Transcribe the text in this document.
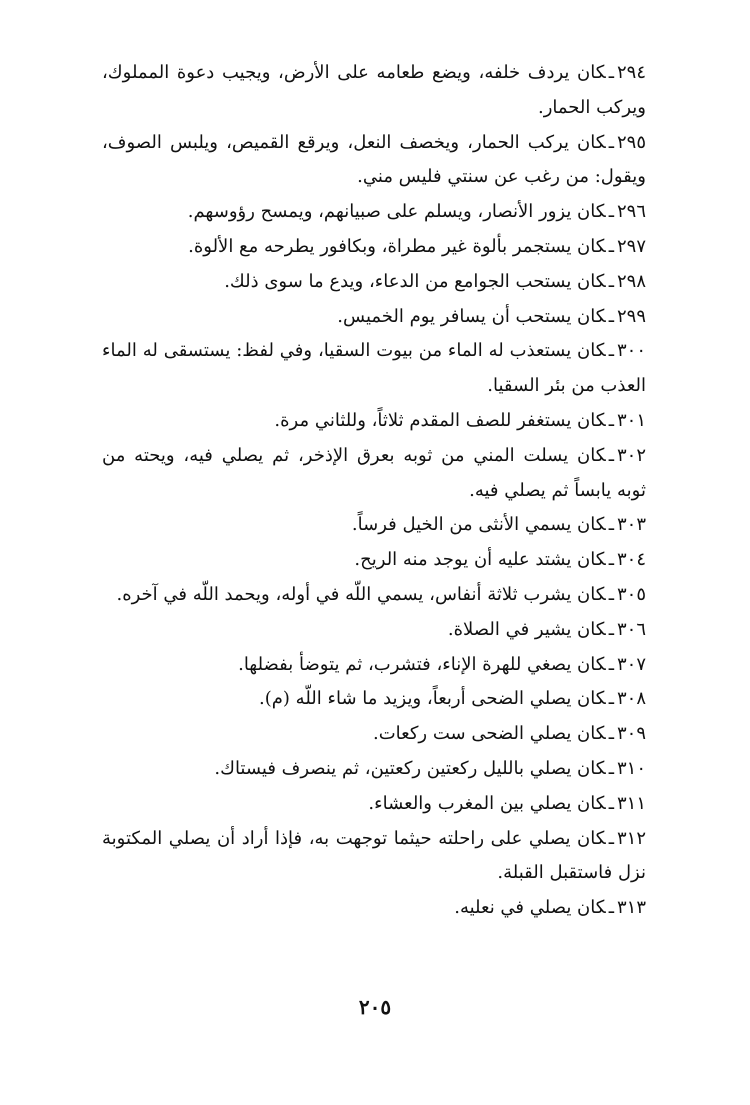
٢٩٤ـكان يردف خلفه، ويضع طعامه على الأرض، ويجيب دعوة المملوك، ويركب الحمار.

٢٩٥ـكان يركب الحمار، ويخصف النعل، ويرقع القميص، ويلبس الصوف، ويقول: من رغب عن سنتي فليس مني.

٢٩٦ـكان يزور الأنصار، ويسلم على صبيانهم، ويمسح رؤوسهم.

٢٩٧ـكان يستجمر بألوة غير مطراة، وبكافور يطرحه مع الألوة.

٢٩٨ـكان يستحب الجوامع من الدعاء، ويدع ما سوى ذلك.

٢٩٩ـكان يستحب أن يسافر يوم الخميس.

٣٠٠ـكان يستعذب له الماء من بيوت السقيا، وفي لفظ: يستسقى له الماء العذب من بئر السقيا.

٣٠١ـكان يستغفر للصف المقدم ثلاثاً، وللثاني مرة.

٣٠٢ـكان يسلت المني من ثوبه بعرق الإذخر، ثم يصلي فيه، ويحته من ثوبه يابساً ثم يصلي فيه.

٣٠٣ـكان يسمي الأنثى من الخيل فرساً.

٣٠٤ـكان يشتد عليه أن يوجد منه الريح.

٣٠٥ـكان يشرب ثلاثة أنفاس، يسمي اللّه في أوله، ويحمد اللّه في آخره.

٣٠٦ـكان يشير في الصلاة.

٣٠٧ـكان يصغي للهرة الإناء، فتشرب، ثم يتوضأ بفضلها.

٣٠٨ـكان يصلي الضحى أربعاً، ويزيد ما شاء اللّه (م).

٣٠٩ـكان يصلي الضحى ست ركعات.

٣١٠ـكان يصلي بالليل ركعتين ركعتين، ثم ينصرف فيستاك.

٣١١ـكان يصلي بين المغرب والعشاء.

٣١٢ـكان يصلي على راحلته حيثما توجهت به، فإذا أراد أن يصلي المكتوبة نزل فاستقبل القبلة.

٣١٣ـكان يصلي في نعليه.

٢٠٥
